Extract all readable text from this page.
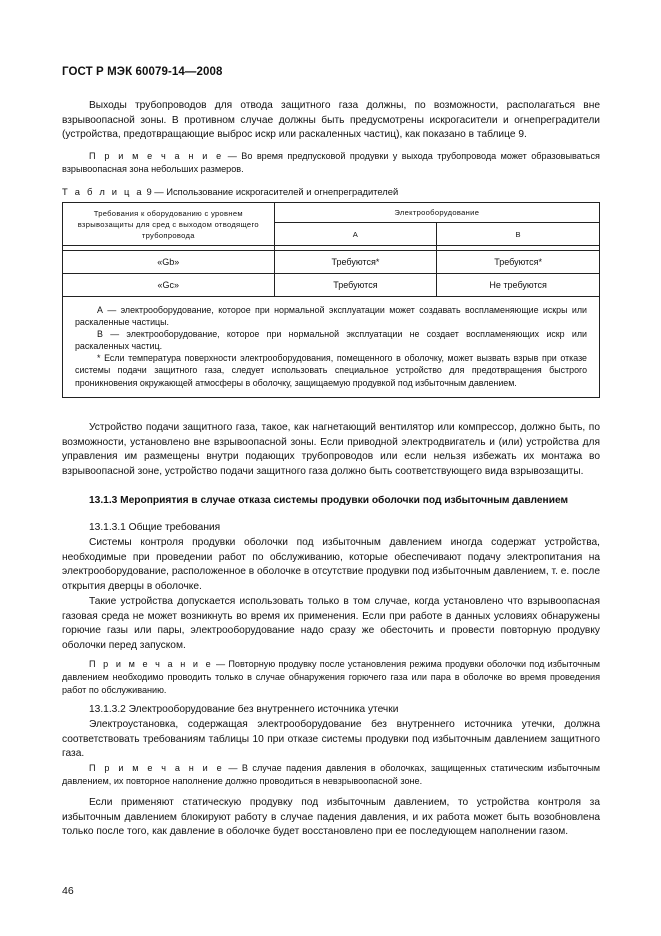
ГОСТ Р МЭК 60079-14—2008
Выходы трубопроводов для отвода защитного газа должны, по возможности, располагаться вне взрывоопасной зоны. В противном случае должны быть предусмотрены искрогасители и огнепреградители (устройства, предотвращающие выброс искр или раскаленных частиц), как показано в таблице 9.
П р и м е ч а н и е — Во время предпусковой продувки у выхода трубопровода может образовываться взрывоопасная зона небольших размеров.
Т а б л и ц а 9 — Использование искрогасителей и огнепреградителей
Требования к оборудованию с уровнем взрывозащиты для сред с выходом отводящего трубопровода	Электрооборудование	
	А	В

«Gb»	Требуются*	Требуются*
«Gc»	Требуются	Не требуются

А — электрооборудование, которое при нормальной эксплуатации может создавать воспламеняющие искры или раскаленные частицы.
В — электрооборудование, которое при нормальной эксплуатации не создает воспламеняющих искр или раскаленных частиц.
* Если температура поверхности электрооборудования, помещенного в оболочку, может вызвать взрыв при отказе системы подачи защитного газа, следует использовать специальное устройство для предотвращения быстрого проникновения окружающей атмосферы в оболочку, защищаемую продувкой под избыточным давлением.		
Устройство подачи защитного газа, такое, как нагнетающий вентилятор или компрессор, должно быть, по возможности, установлено вне взрывоопасной зоны. Если приводной электродвигатель и (или) устройства для управления им размещены внутри подающих трубопроводов или если нельзя избежать их монтажа во взрывоопасной зоне, устройство подачи защитного газа должно быть соответствующего вида взрывозащиты.
13.1.3 Мероприятия в случае отказа системы продувки оболочки под избыточным давлением
13.1.3.1 Общие требования
Системы контроля продувки оболочки под избыточным давлением иногда содержат устройства, необходимые при проведении работ по обслуживанию, которые обеспечивают подачу электропитания на электрооборудование, расположенное в оболочке в отсутствие продувки под избыточным давлением, т. е. после открытия дверцы в оболочке.
Такие устройства допускается использовать только в том случае, когда установлено что взрывоопасная газовая среда не может возникнуть во время их применения. Если при работе в данных условиях обнаружены горючие газы или пары, электрооборудование надо сразу же обесточить и провести повторную продувку оболочки перед запуском.
П р и м е ч а н и е — Повторную продувку после установления режима продувки оболочки под избыточным давлением необходимо проводить только в случае обнаружения горючего газа или пара в оболочке во время проведения работ по обслуживанию.
13.1.3.2 Электрооборудование без внутреннего источника утечки
Электроустановка, содержащая электрооборудование без внутреннего источника утечки, должна соответствовать требованиям таблицы 10 при отказе системы продувки под избыточным давлением защитного газа.
П р и м е ч а н и е — В случае падения давления в оболочках, защищенных статическим избыточным давлением, их повторное наполнение должно проводиться в невзрывоопасной зоне.
Если применяют статическую продувку под избыточным давлением, то устройства контроля за избыточным давлением блокируют работу в случае падения давления, и их работа может быть возобновлена только после того, как давление в оболочке будет восстановлено при ее последующем наполнении газом.
46
